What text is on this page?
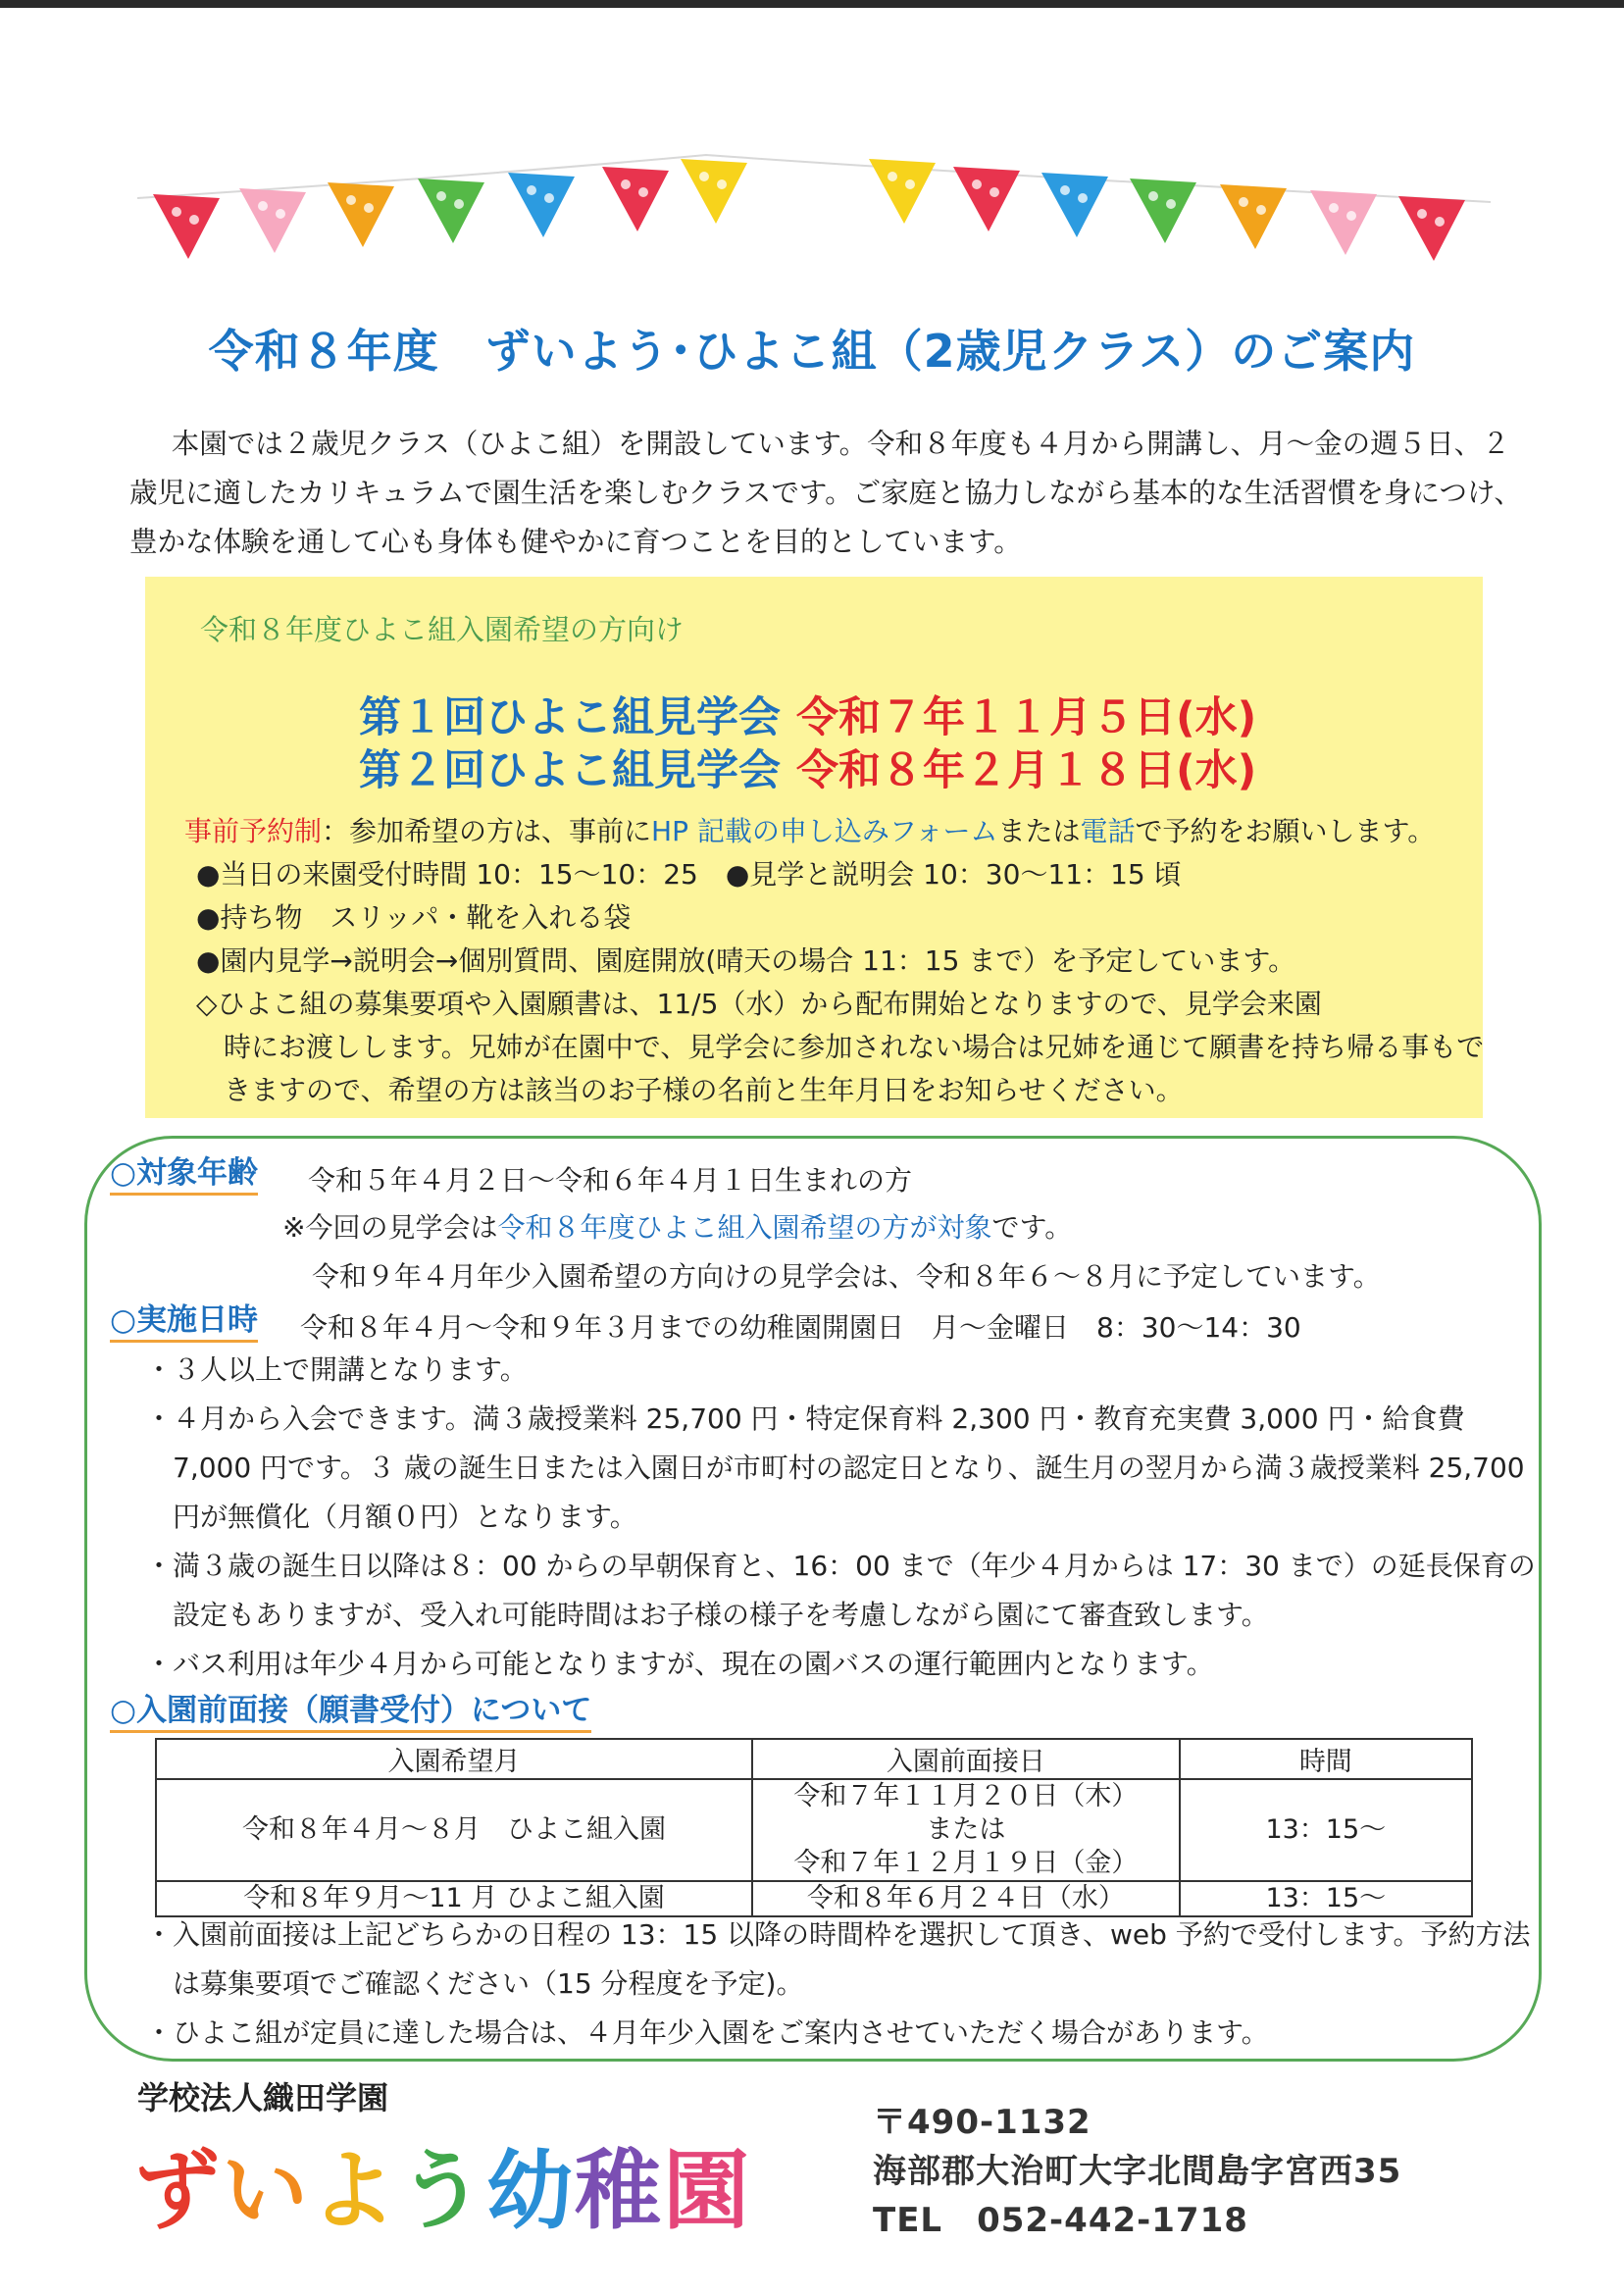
令和８年度　ずいよう･ひよこ組（2歳児クラス）のご案内
本園では２歳児クラス（ひよこ組）を開設しています。令和８年度も４月から開講し、月～金の週５日、２歳児に適したカリキュラムで園生活を楽しむクラスです。ご家庭と協力しながら基本的な生活習慣を身につけ、豊かな体験を通して心も身体も健やかに育つことを目的としています。
令和８年度ひよこ組入園希望の方向け
第１回ひよこ組見学会 令和７年１１月５日(水)
第２回ひよこ組見学会 令和８年２月１８日(水)
事前予約制：参加希望の方は、事前にHP 記載の申し込みフォームまたは電話で予約をお願いします。
●当日の来園受付時間 10：15～10：25　●見学と説明会 10：30～11：15 頃
●持ち物　スリッパ・靴を入れる袋
●園内見学→説明会→個別質問、園庭開放(晴天の場合 11：15 まで）を予定しています。
◇ひよこ組の募集要項や入園願書は、11/5（水）から配布開始となりますので、見学会来園
時にお渡しします。兄姉が在園中で、見学会に参加されない場合は兄姉を通じて願書を持ち帰る事もできますので、希望の方は該当のお子様の名前と生年月日をお知らせください。
○対象年齢 令和５年４月２日～令和６年４月１日生まれの方
※今回の見学会は令和８年度ひよこ組入園希望の方が対象です。
令和９年４月年少入園希望の方向けの見学会は、令和８年６～８月に予定しています。
○実施日時 令和８年４月～令和９年３月までの幼稚園開園日　月～金曜日　8：30～14：30
・３人以上で開講となります。
・４月から入会できます。満３歳授業料 25,700 円・特定保育料 2,300 円・教育充実費 3,000 円・給食費 7,000 円です。３ 歳の誕生日または入園日が市町村の認定日となり、誕生月の翌月から満３歳授業料 25,700 円が無償化（月額０円）となります。
・満３歳の誕生日以降は８：00 からの早朝保育と、16：00 まで（年少４月からは 17：30 まで）の延長保育の設定もありますが、受入れ可能時間はお子様の様子を考慮しながら園にて審査致します。
・バス利用は年少４月から可能となりますが、現在の園バスの運行範囲内となります。
○入園前面接（願書受付）について
入園希望月	入園前面接日	時間
令和８年４月～８月　ひよこ組入園	令和７年１１月２０日（木）
または
令和７年１２月１９日（金）	13：15～
令和８年９月～11 月 ひよこ組入園	令和８年６月２４日（水）	13：15～
・入園前面接は上記どちらかの日程の 13：15 以降の時間枠を選択して頂き、web 予約で受付します。予約方法は募集要項でご確認ください（15 分程度を予定)。
・ひよこ組が定員に達した場合は、４月年少入園をご案内させていただく場合があります。
学校法人織田学園
ずいよう幼稚園
〒490-1132
海部郡大治町大字北間島字宮西35
TEL　052-442-1718
